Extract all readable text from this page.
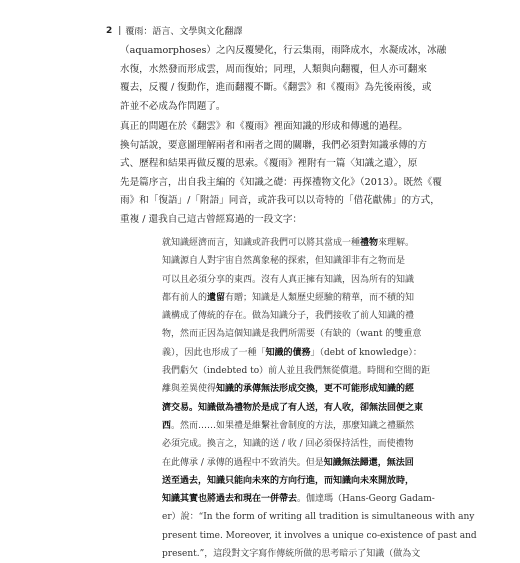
2 | 覆雨：語言、文學與文化翻譯
（aquamorphoses）之內反覆變化，行云集雨，雨降成水，水凝成冰，冰融
水復，水然發而形成雲，周而復始；同理，人類與向翻覆，但人亦可翻來
覆去，反覆 / 復動作，進而翻覆不斷。《翻雲》和《覆雨》為先後兩後，或
許並不必成為作問題了。
真正的問題在於《翻雲》和《覆雨》裡面知識的形成和傳遞的過程。
換句話說，要意圖理解兩者和兩者之間的關聯，我們必須對知識承傳的方
式、歷程和結果再做反覆的思索。《覆雨》裡附有一篇〈知識之遺〉，原
先是篇序言，出自我主編的《知識之礎：再探禮物文化》（2013）。既然《覆
雨》和「復語」/「附語」同音，或許我可以以奇特的「借花獻佛」的方式，
重複 / 還我自己這古曾經寫過的一段文字：
就知識經濟而言，知識或許我們可以將其當成一種禮物來理解。
知識源自人對宇宙自然萬象秘的探索，但知識卻非有之物而是
可以且必須分享的東西。沒有人真正擁有知識，因為所有的知識
都有前人的遺留有贈；知識是人類歷史經驗的精華，而不積的知
識構成了傳統的存在。做為知識分子，我們接收了前人知識的禮
物，然而正因為這個知識是我們所需要（有缺的（want 的雙重意
義），因此也形成了一種「知識的債務」（debt of knowledge）：
我們虧欠（indebted to）前人並且我們無從償還。時間和空間的距
離與差異使得知識的承傳無法形成交換，更不可能形成知識的經
濟交易。知識做為禮物於是成了有人送，有人收，卻無法回便之東
西。然而……如果禮是維繫社會制度的方法，那麼知識之禮顯然
必須完成。換言之，知識的送 / 收 / 回必須保持活性，而使禮物
在此傳承 / 承傳的過程中不致消失。但是知識無法歸還，無法回
送至過去，知識只能向未來的方向行進，而知識向未來開放時，
知識其實也將過去和現在一併帶去。伽達瑪（Hans-Georg Gadam-
er）說：“In the form of writing all tradition is simultaneous with any
present time. Moreover, it involves a unique co-existence of past and
present.”，這段對文字寫作傳統所做的思考暗示了知識（做為文
